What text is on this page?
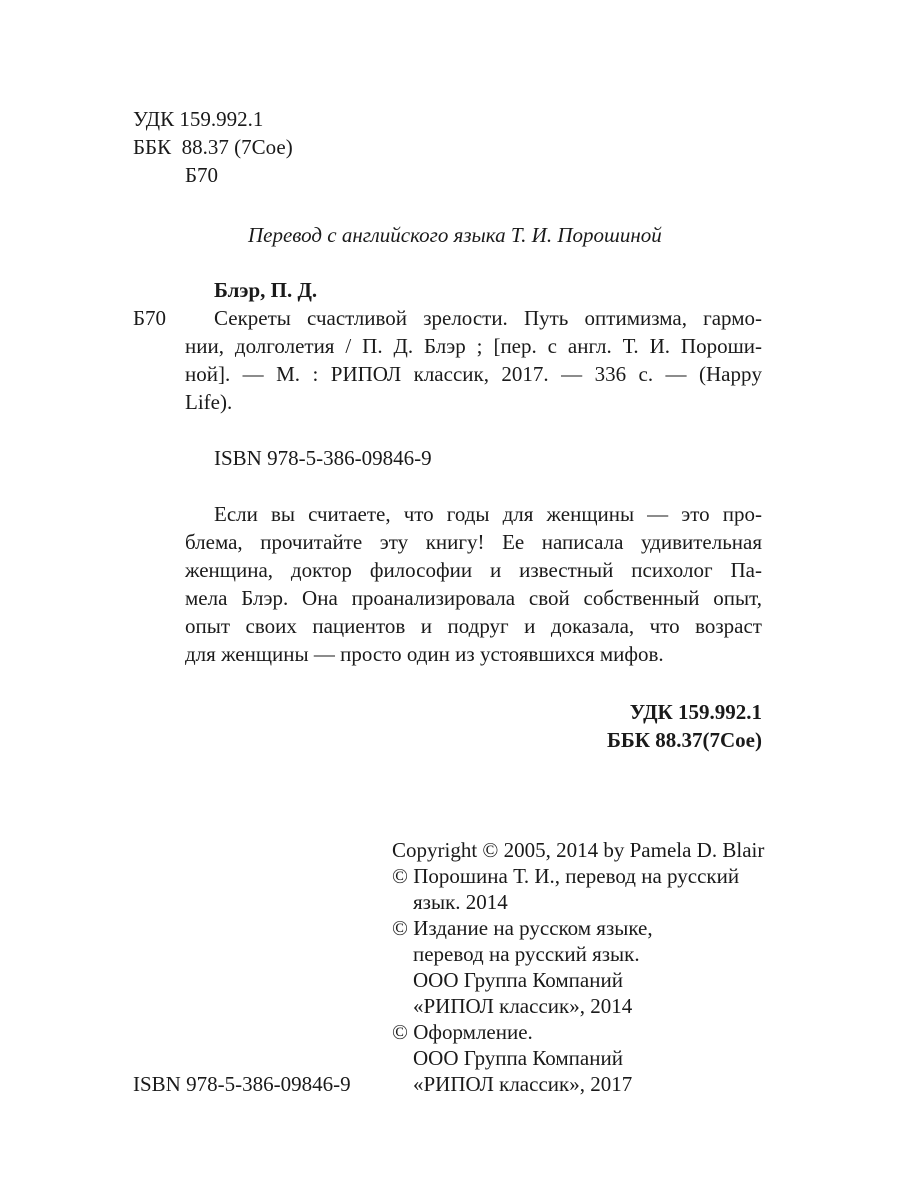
УДК 159.992.1
ББК  88.37 (7Сое)
Б70
Перевод с английского языка Т. И. Порошиной
Блэр, П. Д.
Б70 Секреты счастливой зрелости. Путь оптимизма, гармо-
нии, долголетия / П. Д. Блэр ; [пер. с англ. Т. И. Пороши-
ной]. — М. : РИПОЛ классик, 2017. — 336 с. — (Happy
Life).
ISBN 978-5-386-09846-9
Если вы считаете, что годы для женщины — это про-
блема, прочитайте эту книгу! Ее написала удивительная
женщина, доктор философии и известный психолог Па-
мела Блэр. Она проанализировала свой собственный опыт,
опыт своих пациентов и подруг и доказала, что возраст
для женщины — просто один из устоявшихся мифов.
УДК 159.992.1
ББК 88.37(7Сое)
Copyright © 2005, 2014 by Pamela D. Blair
© Порошина Т. И., перевод на русский
язык. 2014
© Издание на русском языке,
перевод на русский язык.
ООО Группа Компаний
«РИПОЛ классик», 2014
© Оформление.
ООО Группа Компаний
«РИПОЛ классик», 2017
ISBN 978-5-386-09846-9
